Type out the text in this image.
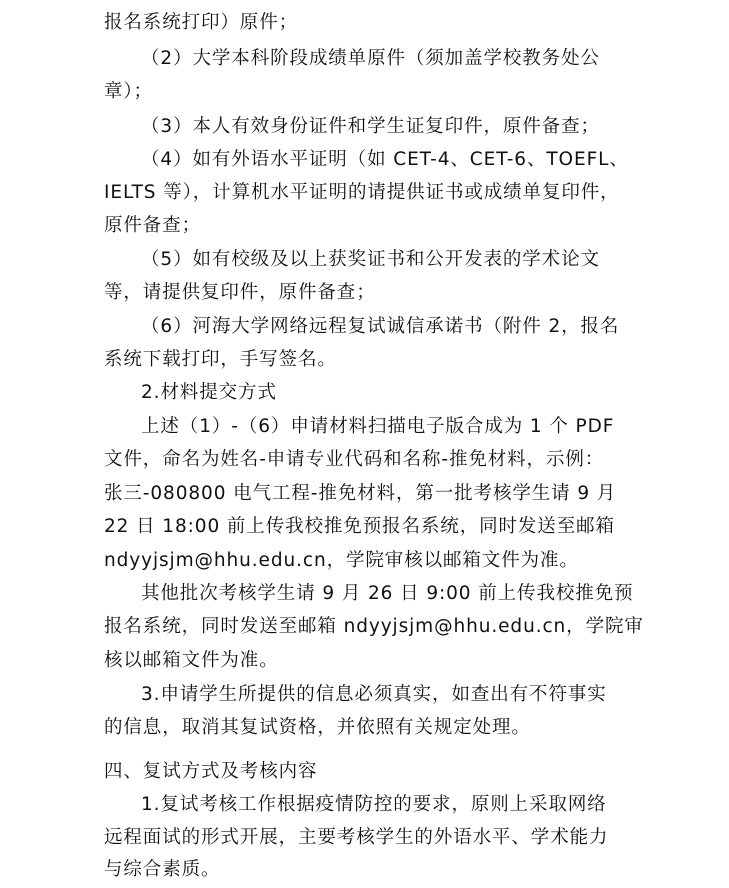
报名系统打印）原件；
（2）大学本科阶段成绩单原件（须加盖学校教务处公
章）；
（3）本人有效身份证件和学生证复印件，原件备查；
（4）如有外语水平证明（如 CET-4、CET-6、TOEFL、
IELTS 等），计算机水平证明的请提供证书或成绩单复印件，
原件备查；
（5）如有校级及以上获奖证书和公开发表的学术论文
等，请提供复印件，原件备查；
（6）河海大学网络远程复试诚信承诺书（附件 2，报名
系统下载打印，手写签名。
2.材料提交方式
上述（1）-（6）申请材料扫描电子版合成为 1 个 PDF
文件，命名为姓名-申请专业代码和名称-推免材料，示例：
张三-080800 电气工程-推免材料，第一批考核学生请 9 月
22 日 18:00 前上传我校推免预报名系统，同时发送至邮箱
ndyyjsjm@hhu.edu.cn，学院审核以邮箱文件为准。
其他批次考核学生请 9 月 26 日 9:00 前上传我校推免预
报名系统，同时发送至邮箱 ndyyjsjm@hhu.edu.cn，学院审
核以邮箱文件为准。
3.申请学生所提供的信息必须真实，如查出有不符事实
的信息，取消其复试资格，并依照有关规定处理。
四、复试方式及考核内容
1.复试考核工作根据疫情防控的要求，原则上采取网络
远程面试的形式开展，主要考核学生的外语水平、学术能力
与综合素质。
